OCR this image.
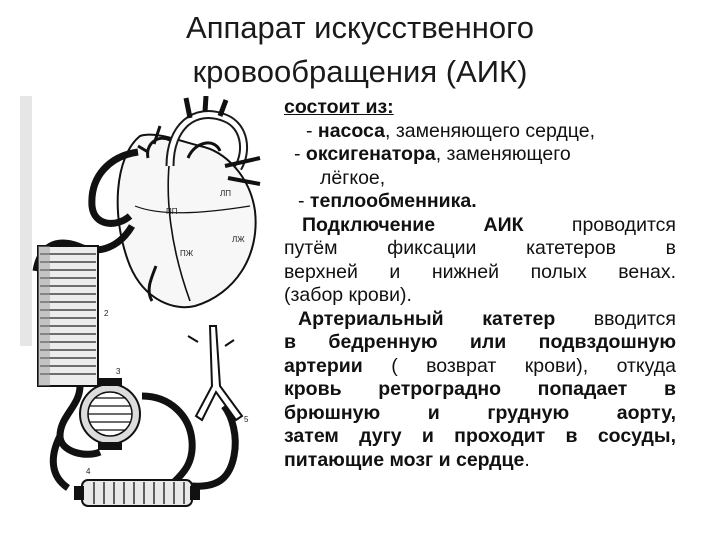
Аппарат искусственного
кровообращения (АИК)
ПП
ЛП
ПЖ
ЛЖ
2
3
4
5

состоит из:

- насоса, заменяющего сердце,

- оксигенатора, заменяющего

лёгкое,

- теплообменника.

Подключение АИК проводится

путём фиксации катетеров в

верхней и нижней полых венах.

(забор крови).

Артериальный катетер вводится

в бедренную или подвздошную

артерии ( возврат крови), откуда

кровь ретроградно попадает в

брюшную и грудную аорту,

затем дугу и проходит в сосуды,

питающие мозг и сердце.
